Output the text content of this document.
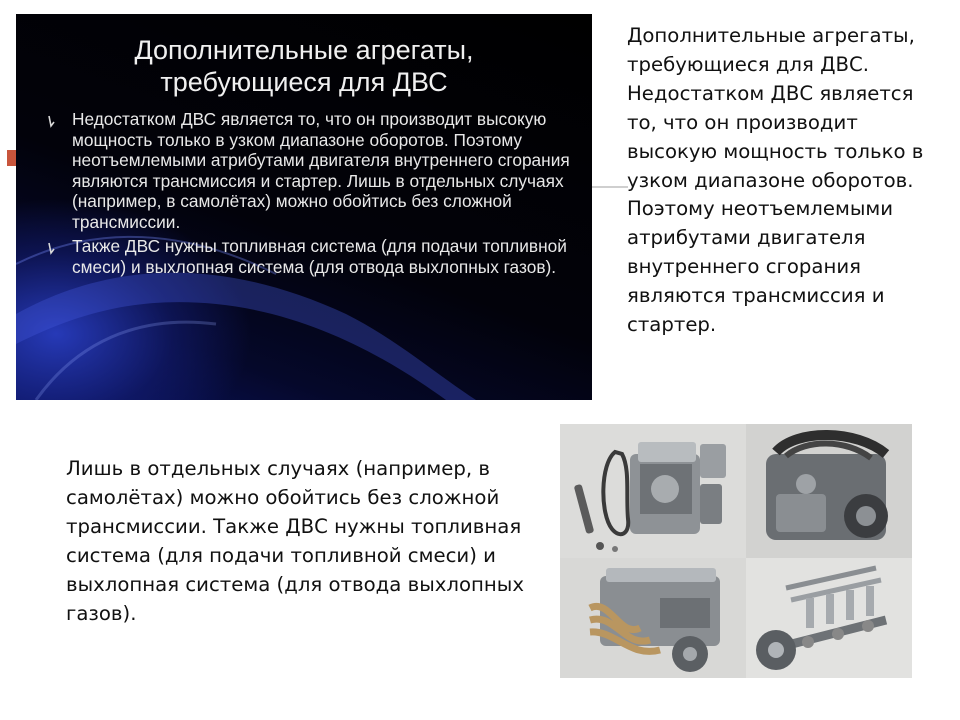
Дополнительные агрегаты,
требующиеся для ДВС
Недостатком ДВС является то, что он производит высокую мощность только в узком диапазоне оборотов. Поэтому неотъемлемыми атрибутами двигателя внутреннего сгорания являются трансмиссия и стартер. Лишь в отдельных случаях (например, в самолётах) можно обойтись без сложной трансмиссии.
Также ДВС нужны топливная система (для подачи топливной смеси) и выхлопная система (для отвода выхлопных газов).

Дополнительные агрегаты, требующиеся для ДВС. Недостатком ДВС является то, что он производит высокую мощность только в узком диапазоне оборотов. Поэтому неотъемлемыми атрибутами двигателя внутреннего сгорания являются трансмиссия и стартер.

Лишь в отдельных случаях (например, в самолётах) можно обойтись без сложной трансмиссии. Также ДВС нужны топливная система (для подачи топливной смеси) и выхлопная система (для отвода выхлопных газов).
